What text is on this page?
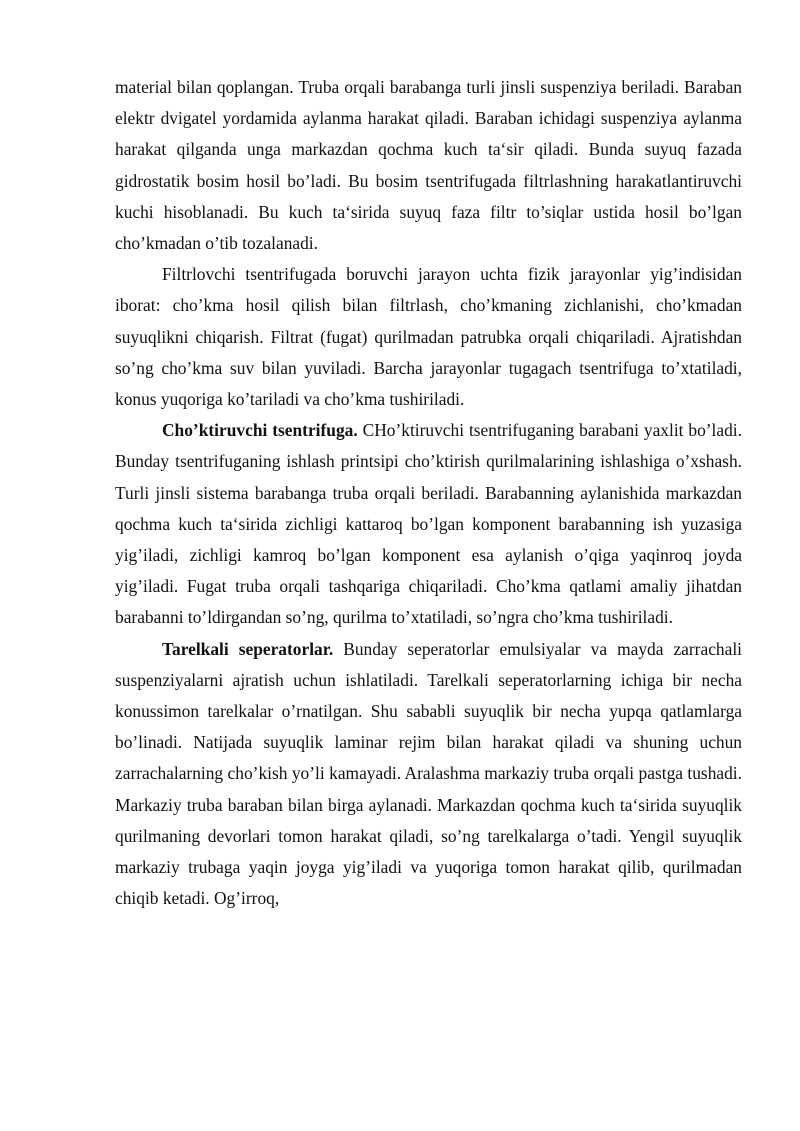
material bilan qoplangan. Truba orqali barabanga turli jinsli suspenziya beriladi. Baraban elektr dvigatel yordamida aylanma harakat qiladi. Baraban ichidagi suspenziya aylanma harakat qilganda unga markazdan qochma kuch ta‘sir qiladi. Bunda suyuq fazada gidrostatik bosim hosil bo’ladi. Bu bosim tsentrifugada filtrlashning harakatlantiruvchi kuchi hisoblanadi. Bu kuch ta‘sirida suyuq faza filtr to’siqlar ustida hosil bo’lgan cho’kmadan o’tib tozalanadi.

Filtrlovchi tsentrifugada boruvchi jarayon uchta fizik jarayonlar yig’indisidan iborat: cho’kma hosil qilish bilan filtrlash, cho’kmaning zichlanishi, cho’kmadan suyuqlikni chiqarish. Filtrat (fugat) qurilmadan patrubka orqali chiqariladi. Ajratishdan so’ng cho’kma suv bilan yuviladi. Barcha jarayonlar tugagach tsentrifuga to’xtatiladi, konus yuqoriga ko’tariladi va cho’kma tushiriladi.

Cho’ktiruvchi tsentrifuga. CHo’ktiruvchi tsentrifuganing barabani yaxlit bo’ladi. Bunday tsentrifuganing ishlash printsipi cho’ktirish qurilmalarining ishlashiga o’xshash. Turli jinsli sistema barabanga truba orqali beriladi. Barabanning aylanishida markazdan qochma kuch ta‘sirida zichligi kattaroq bo’lgan komponent barabanning ish yuzasiga yig’iladi, zichligi kamroq bo’lgan komponent esa aylanish o’qiga yaqinroq joyda yig’iladi. Fugat truba orqali tashqariga chiqariladi. Cho’kma qatlami amaliy jihatdan barabanni to’ldirgandan so’ng, qurilma to’xtatiladi, so’ngra cho’kma tushiriladi.

Tarelkali seperatorlar. Bunday seperatorlar emulsiyalar va mayda zarrachali suspenziyalarni ajratish uchun ishlatiladi. Tarelkali seperatorlarning ichiga bir necha konussimon tarelkalar o’rnatilgan. Shu sababli suyuqlik bir necha yupqa qatlamlarga bo’linadi. Natijada suyuqlik laminar rejim bilan harakat qiladi va shuning uchun zarrachalarning cho’kish yo’li kamayadi. Aralashma markaziy truba orqali pastga tushadi. Markaziy truba baraban bilan birga aylanadi. Markazdan qochma kuch ta‘sirida suyuqlik qurilmaning devorlari tomon harakat qiladi, so’ng tarelkalarga o’tadi. Yengil suyuqlik markaziy trubaga yaqin joyga yig’iladi va yuqoriga tomon harakat qilib, qurilmadan chiqib ketadi. Og’irroq,
